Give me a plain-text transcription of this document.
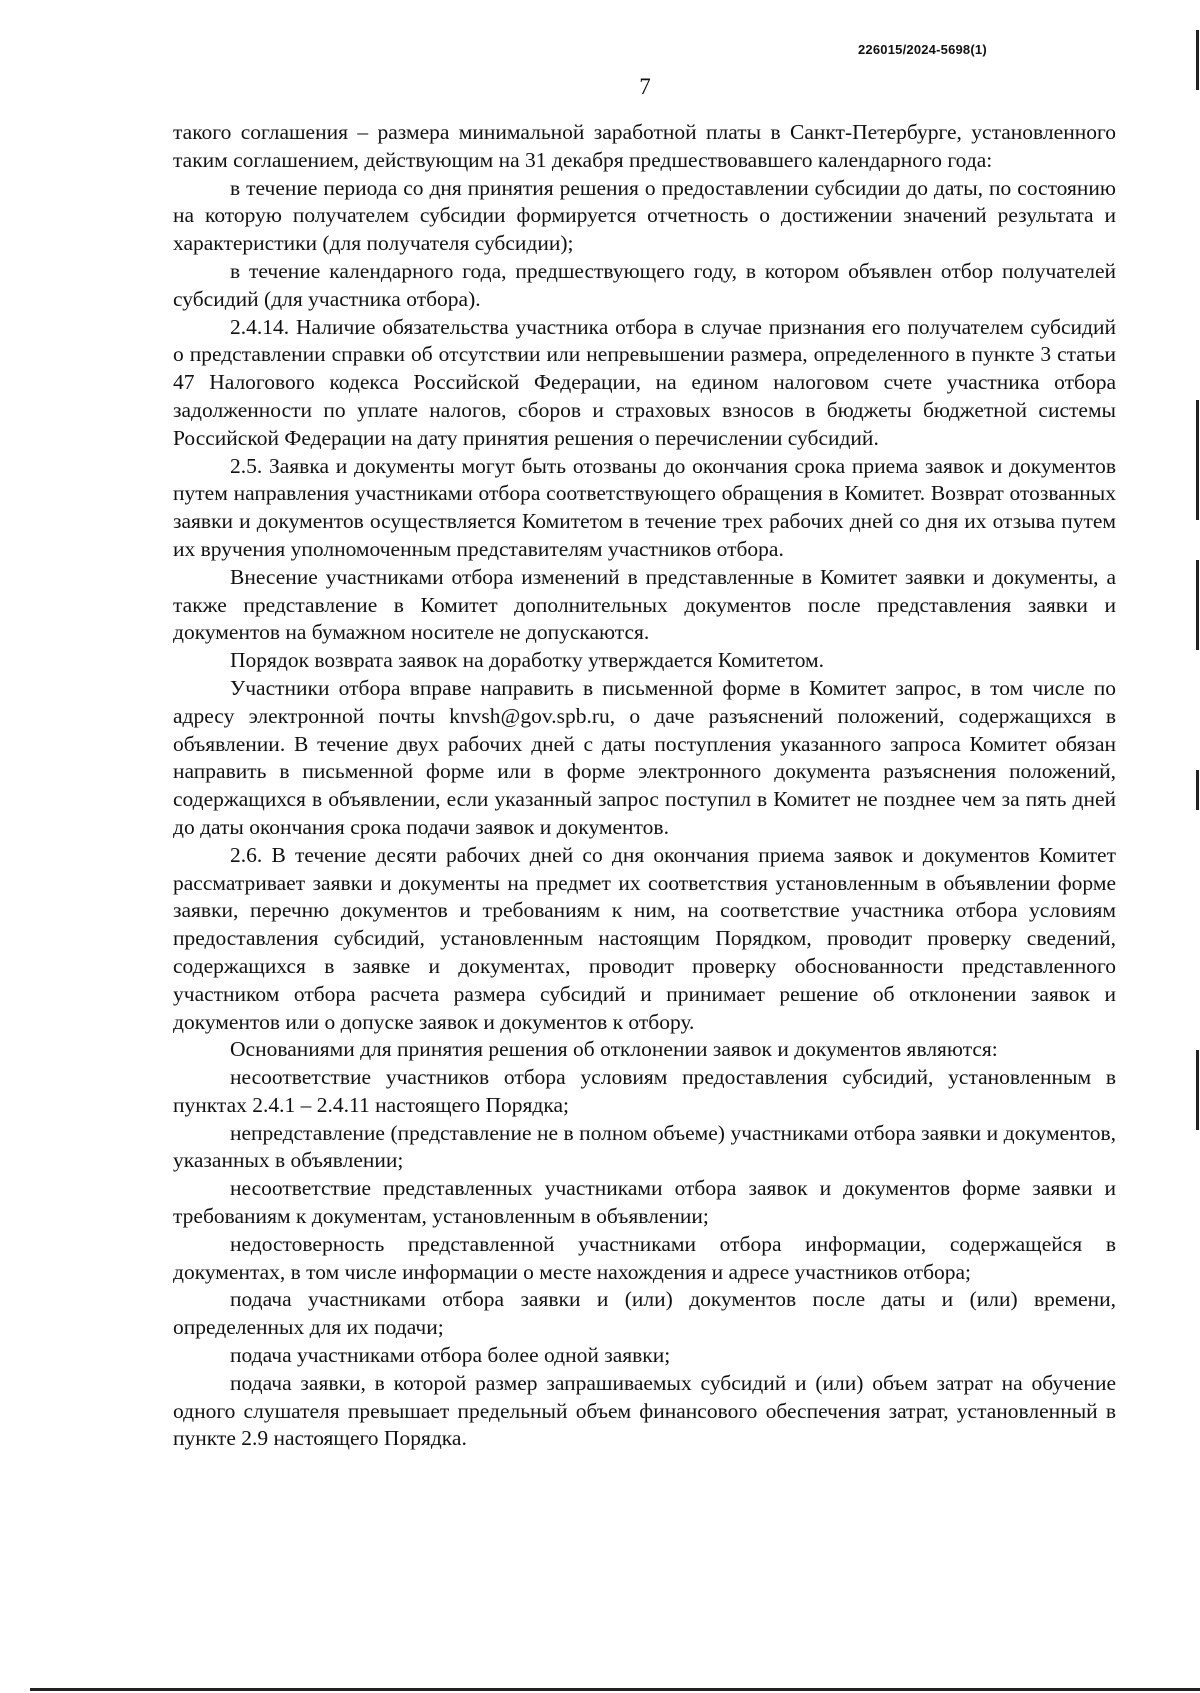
226015/2024-5698(1)
7

такого соглашения – размера минимальной заработной платы в Санкт-Петербурге, установленного таким соглашением, действующим на 31 декабря предшествовавшего календарного года:

в течение периода со дня принятия решения о предоставлении субсидии до даты, по состоянию на которую получателем субсидии формируется отчетность о достижении значений результата и характеристики (для получателя субсидии);

в течение календарного года, предшествующего году, в котором объявлен отбор получателей субсидий (для участника отбора).

2.4.14. Наличие обязательства участника отбора в случае признания его получателем субсидий о представлении справки об отсутствии или непревышении размера, определенного в пункте 3 статьи 47 Налогового кодекса Российской Федерации, на едином налоговом счете участника отбора задолженности по уплате налогов, сборов и страховых взносов в бюджеты бюджетной системы Российской Федерации на дату принятия решения о перечислении субсидий.

2.5. Заявка и документы могут быть отозваны до окончания срока приема заявок и документов путем направления участниками отбора соответствующего обращения в Комитет. Возврат отозванных заявки и документов осуществляется Комитетом в течение трех рабочих дней со дня их отзыва путем их вручения уполномоченным представителям участников отбора.

Внесение участниками отбора изменений в представленные в Комитет заявки и документы, а также представление в Комитет дополнительных документов после представления заявки и документов на бумажном носителе не допускаются.

Порядок возврата заявок на доработку утверждается Комитетом.

Участники отбора вправе направить в письменной форме в Комитет запрос, в том числе по адресу электронной почты knvsh@gov.spb.ru, о даче разъяснений положений, содержащихся в объявлении. В течение двух рабочих дней с даты поступления указанного запроса Комитет обязан направить в письменной форме или в форме электронного документа разъяснения положений, содержащихся в объявлении, если указанный запрос поступил в Комитет не позднее чем за пять дней до даты окончания срока подачи заявок и документов.

2.6. В течение десяти рабочих дней со дня окончания приема заявок и документов Комитет рассматривает заявки и документы на предмет их соответствия установленным в объявлении форме заявки, перечню документов и требованиям к ним, на соответствие участника отбора условиям предоставления субсидий, установленным настоящим Порядком, проводит проверку сведений, содержащихся в заявке и документах, проводит проверку обоснованности представленного участником отбора расчета размера субсидий и принимает решение об отклонении заявок и документов или о допуске заявок и документов к отбору.

Основаниями для принятия решения об отклонении заявок и документов являются:

несоответствие участников отбора условиям предоставления субсидий, установленным в пунктах 2.4.1 – 2.4.11 настоящего Порядка;

непредставление (представление не в полном объеме) участниками отбора заявки и документов, указанных в объявлении;

несоответствие представленных участниками отбора заявок и документов форме заявки и требованиям к документам, установленным в объявлении;

недостоверность представленной участниками отбора информации, содержащейся в документах, в том числе информации о месте нахождения и адресе участников отбора;

подача участниками отбора заявки и (или) документов после даты и (или) времени, определенных для их подачи;

подача участниками отбора более одной заявки;

подача заявки, в которой размер запрашиваемых субсидий и (или) объем затрат на обучение одного слушателя превышает предельный объем финансового обеспечения затрат, установленный в пункте 2.9 настоящего Порядка.
